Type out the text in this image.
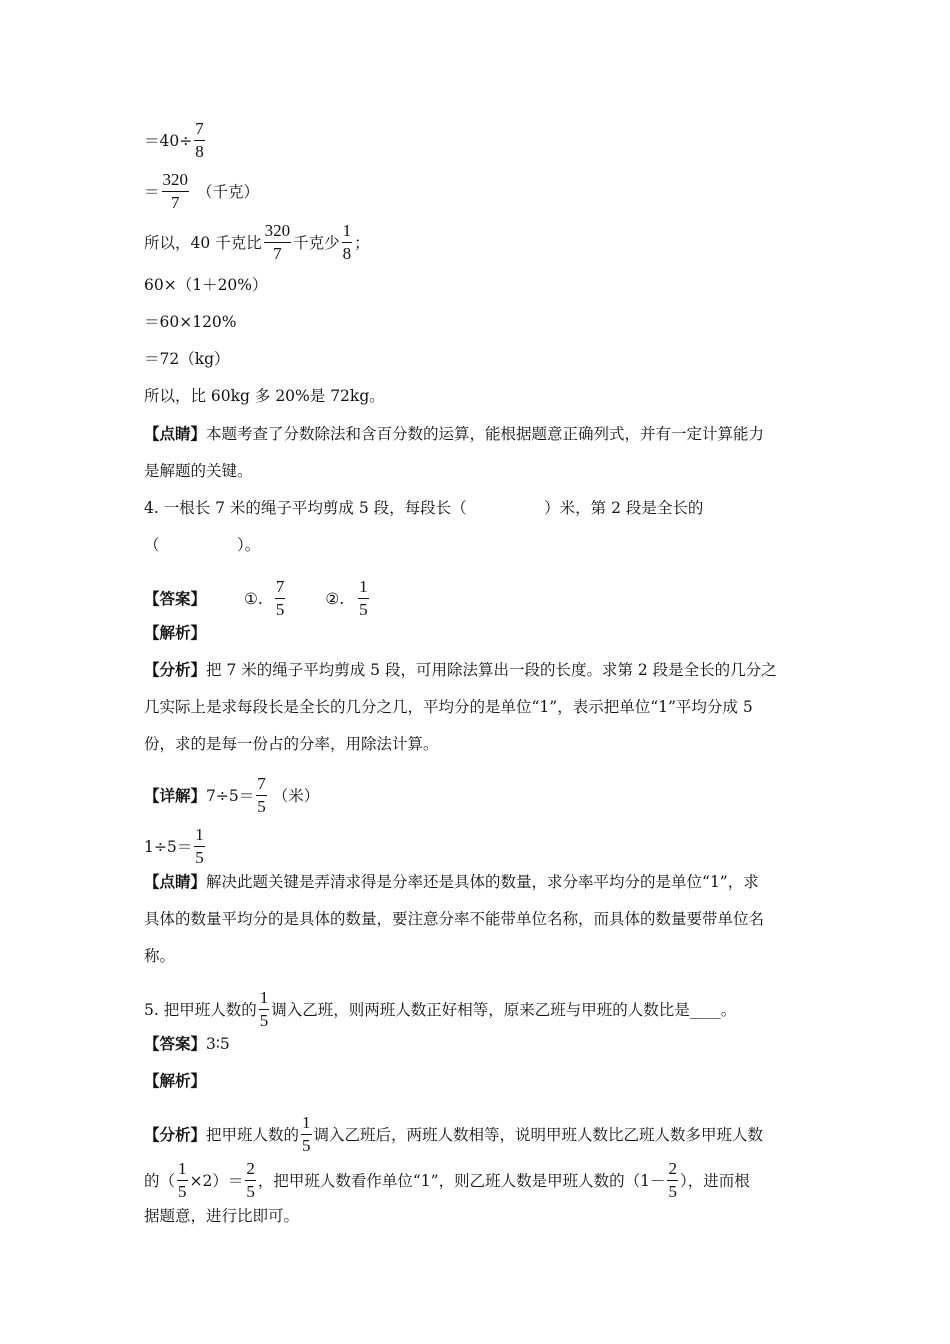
$=40\div \frac{7}{8}$
＝ $\frac{320}{7}$ （千克）
所以，40 千克比 $\frac{320}{7}$ 千克少 $\frac{1}{8}$ ；
60×（1＋20%）
＝60×120%
＝72（kg）
所以，比 60kg 多 20%是 72kg。
【点睛】 本题考查了分数除法和含百分数的运算，能根据题意正确列式，并有一定计算能力
是解题的关键。
4. 一根长 7 米的绳子平均剪成 5 段，每段长（　　　　　）米，第 2 段是全长的
（　　　　　）。
【答案】 ①. $\frac{7}{5}$	②. $\frac{1}{5}$
【解析】
【分析】 把 7 米的绳子平均剪成 5 段，可用除法算出一段的长度。求第 2 段是全长的几分之
几实际上是求每段长是全长的几分之几，平均分的是单位“1”，表示把单位“1”平均分成 5
份，求的是每一份占的分率，用除法计算。
【详解】 $7\div 5= \frac{7}{5}$ （米）
$1\div 5= \frac{1}{5}$
【点睛】 解决此题关键是弄清求得是分率还是具体的数量，求分率平均分的是单位“1”，求
具体的数量平均分的是具体的数量，要注意分率不能带单位名称，而具体的数量要带单位名
称。
5. 把甲班人数的 $\frac{1}{5}$ 调入乙班，则两班人数正好相等，原来乙班与甲班的人数比是____。
【答案】 3∶5
【解析】
【分析】 把甲班人数的 $\frac{1}{5}$ 调入乙班后，两班人数相等，说明甲班人数比乙班人数多甲班人数
的（ $\frac{1}{5} \times 2)= \frac{2}{5}$ ，把甲班人数看作单位“1”，则乙班人数是甲班人数的（$1- \frac{2}{5}$ ），进而根
据题意，进行比即可。
